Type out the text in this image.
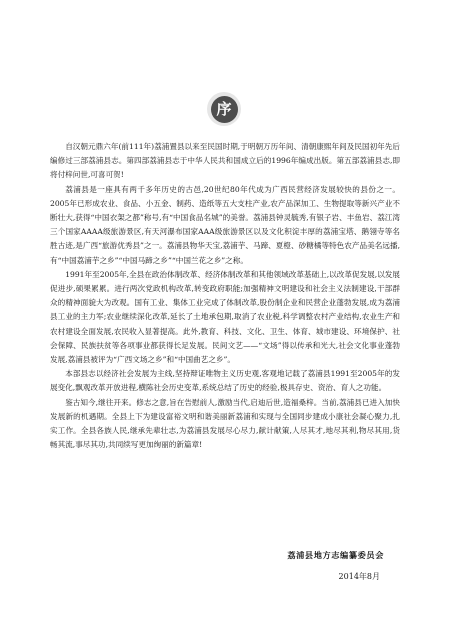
序

自汉朝元鼎六年(前111年)荔浦置县以来至民国时期,于明朝万历年间、清朝康熙年间及民国初年先后编修过三部荔浦县志。第四部荔浦县志于中华人民共和国成立后的1996年编成出版。第五部荔浦县志,即将付梓问世,可喜可贺!

荔浦县是一座具有两千多年历史的古邑,20世纪80年代成为广西民营经济发展较快的县份之一。2005年已形成农业、食品、小五金、制药、造纸等五大支柱产业,农产品深加工、生物提取等新兴产业不断壮大,获得“中国衣架之都”称号,有“中国食品名城”的美誉。荔浦县钟灵毓秀,有银子岩、丰鱼岩、荔江湾三个国家AAAA级旅游景区,有天河瀑布国家AAA级旅游景区以及文化积淀丰厚的荔浦宝塔、鹅翎寺等名胜古迹,是广西“旅游优秀县”之一。荔浦县物华天宝,荔浦芋、马蹄、夏橙、砂糖橘等特色农产品美名远播,有“中国荔浦芋之乡”“中国马蹄之乡”“中国兰花之乡”之称。

1991年至2005年,全县在政治体制改革、经济体制改革和其他领域改革基础上,以改革促发展,以发展促进步,硕果累累。进行两次党政机构改革,转变政府职能;加强精神文明建设和社会主义法制建设,干部群众的精神面貌大为改观。国有工业、集体工业完成了体制改革,股份制企业和民营企业蓬勃发展,成为荔浦县工业的主力军;农业继续深化改革,延长了土地承包期,取消了农业税,科学调整农村产业结构,农业生产和农村建设全面发展,农民收入显著提高。此外,教育、科技、文化、卫生、体育、城市建设、环境保护、社会保障、民族扶贫等各项事业都获得长足发展。民间文艺——“文场”得以传承和光大,社会文化事业蓬勃发展,荔浦县被评为“广西文场之乡”和“中国曲艺之乡”。

本部县志以经济社会发展为主线,坚持辩证唯物主义历史观,客观地记载了荔浦县1991至2005年的发展变化,飘观改革开放进程,横陈社会历史变革,系统总结了历史的经验,极具存史、资治、育人之功能。

鉴古知今,继往开来。修志之意,旨在告慰前人,激励当代,启迪后世,造福桑梓。当前,荔浦县已进入加快发展新的机遇期。全县上下为建设富裕文明和谐美丽新荔浦和实现与全国同步建成小康社会凝心聚力,扎实工作。全县各族人民,继承先辈壮志,为荔浦县发展尽心尽力,献计献策,人尽其才,地尽其利,物尽其用,货畅其流,事尽其功,共同续写更加绚丽的新篇章!

荔浦县地方志编纂委员会
2014年8月
